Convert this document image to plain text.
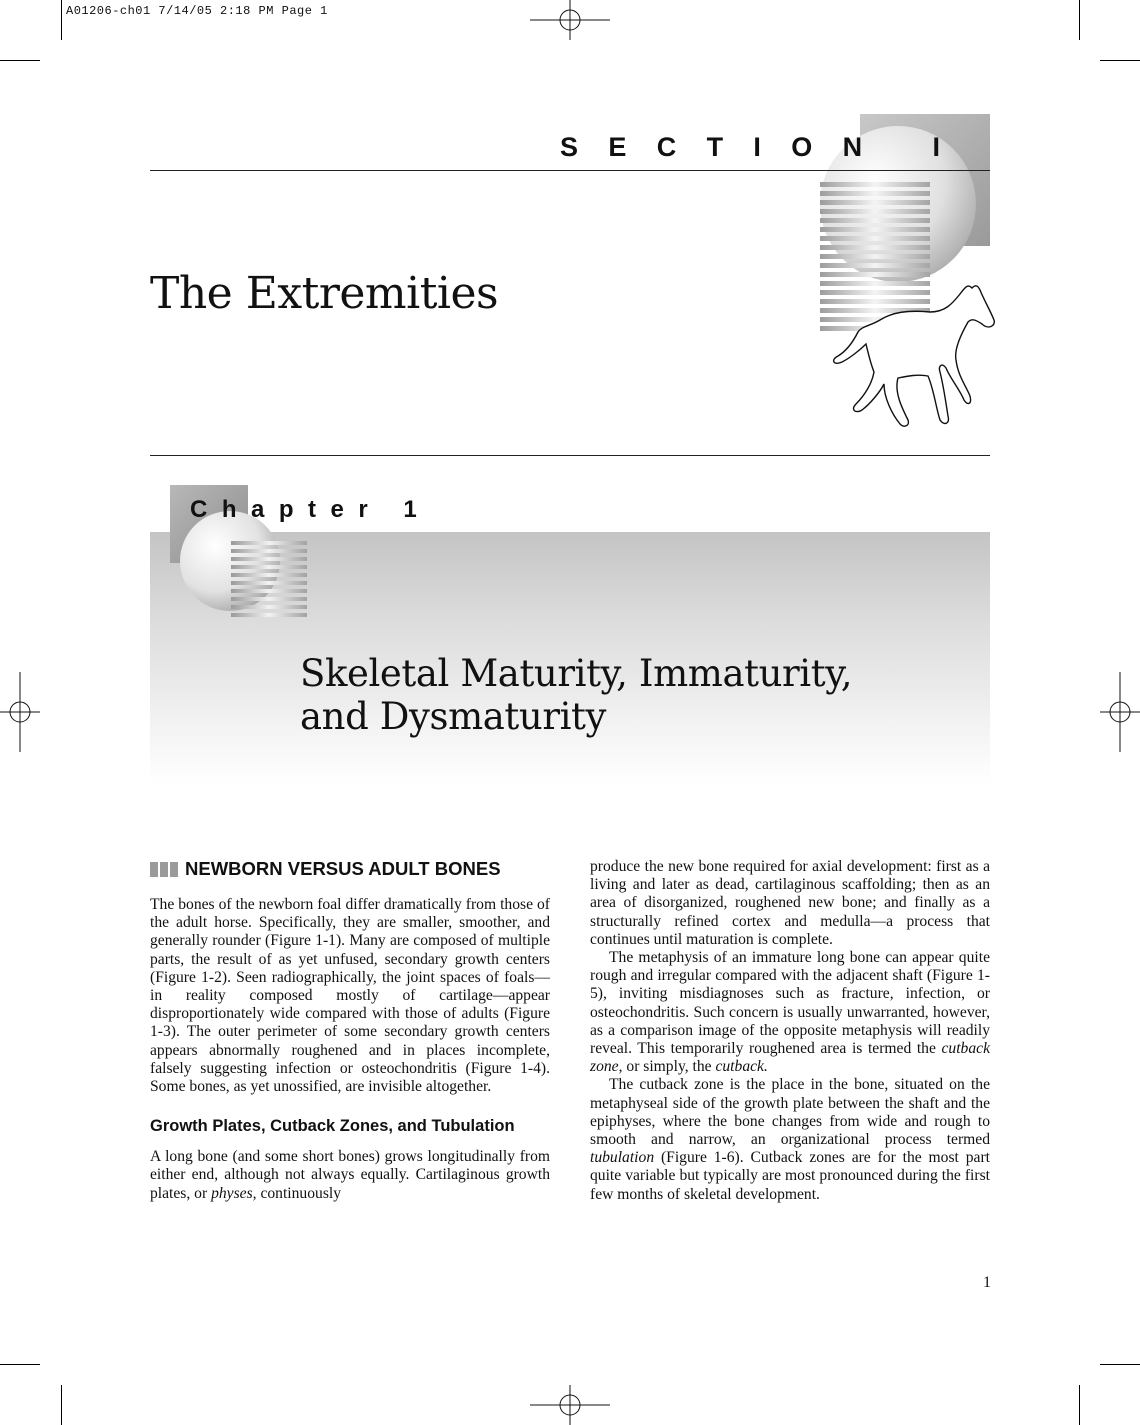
A01206-ch01 7/14/05 2:18 PM Page 1
S E C T I O N	I
The Extremities
Chapter 1
Skeletal Maturity, Immaturity,
and Dysmaturity
NEWBORN VERSUS ADULT BONES

The bones of the newborn foal differ dramatically from those of the adult horse. Specifically, they are smaller, smoother, and generally rounder (Figure 1-1). Many are composed of multiple parts, the result of as yet unfused, secondary growth centers (Figure 1-2). Seen radiographically, the joint spaces of foals—in reality composed mostly of cartilage—appear disproportionately wide compared with those of adults (Figure 1-3). The outer perimeter of some secondary growth centers appears abnormally roughened and in places incomplete, falsely suggesting infection or osteochondritis (Figure 1-4). Some bones, as yet unossified, are invisible altogether.

Growth Plates, Cutback Zones, and Tubulation

A long bone (and some short bones) grows longitudinally from either end, although not always equally. Cartilaginous growth plates, or physes, continuously

produce the new bone required for axial development: first as a living and later as dead, cartilaginous scaffolding; then as an area of disorganized, roughened new bone; and finally as a structurally refined cortex and medulla—a process that continues until maturation is complete.

The metaphysis of an immature long bone can appear quite rough and irregular compared with the adjacent shaft (Figure 1-5), inviting misdiagnoses such as fracture, infection, or osteochondritis. Such concern is usually unwarranted, however, as a comparison image of the opposite metaphysis will readily reveal. This temporarily roughened area is termed the cutback zone, or simply, the cutback.

The cutback zone is the place in the bone, situated on the metaphyseal side of the growth plate between the shaft and the epiphyses, where the bone changes from wide and rough to smooth and narrow, an organizational process termed tubulation (Figure 1-6). Cutback zones are for the most part quite variable but typically are most pronounced during the first few months of skeletal development.

1
